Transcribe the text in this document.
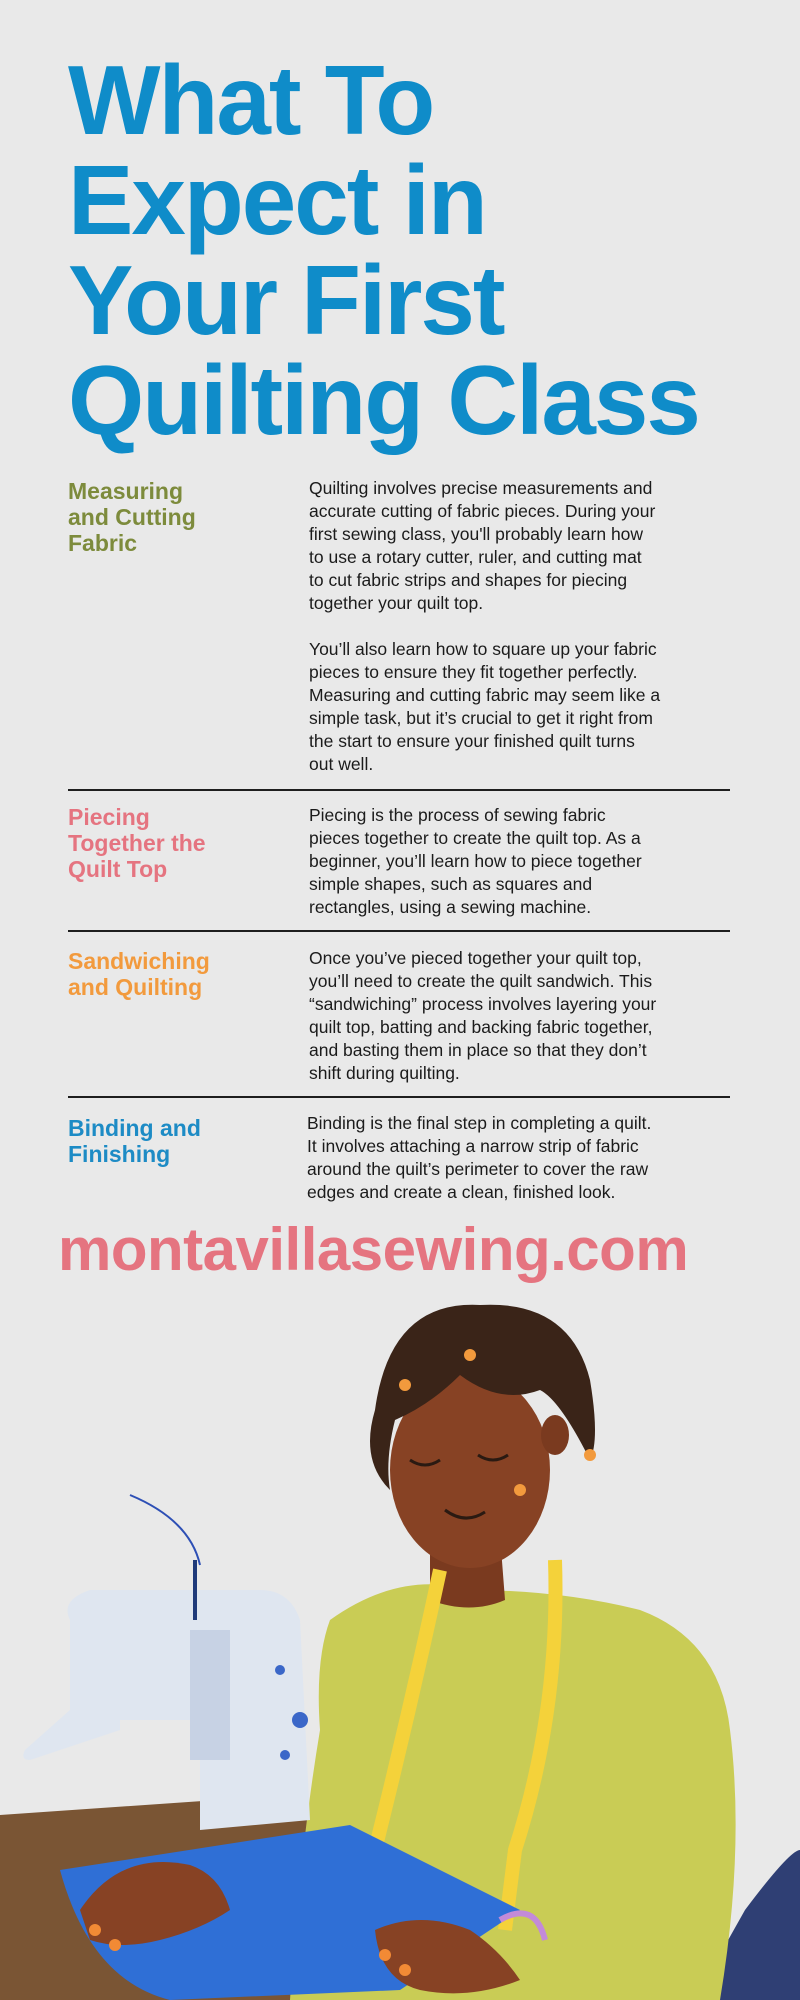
What To
Expect in
Your First
Quilting Class
Measuring
and Cutting
Fabric

Quilting involves precise measurements and
accurate cutting of fabric pieces. During your
first sewing class, you'll probably learn how
to use a rotary cutter, ruler, and cutting mat
to cut fabric strips and shapes for piecing
together your quilt top.

You’ll also learn how to square up your fabric
pieces to ensure they fit together perfectly.
Measuring and cutting fabric may seem like a
simple task, but it’s crucial to get it right from
the start to ensure your finished quilt turns
out well.

Piecing
Together the
Quilt Top

Piecing is the process of sewing fabric
pieces together to create the quilt top. As a
beginner, you’ll learn how to piece together
simple shapes, such as squares and
rectangles, using a sewing machine.

Sandwiching
and Quilting

Once you’ve pieced together your quilt top,
you’ll need to create the quilt sandwich. This
“sandwiching” process involves layering your
quilt top, batting and backing fabric together,
and basting them in place so that they don’t
shift during quilting.

Binding and
Finishing

Binding is the final step in completing a quilt.
It involves attaching a narrow strip of fabric
around the quilt’s perimeter to cover the raw
edges and create a clean, finished look.

montavillasewing.com
